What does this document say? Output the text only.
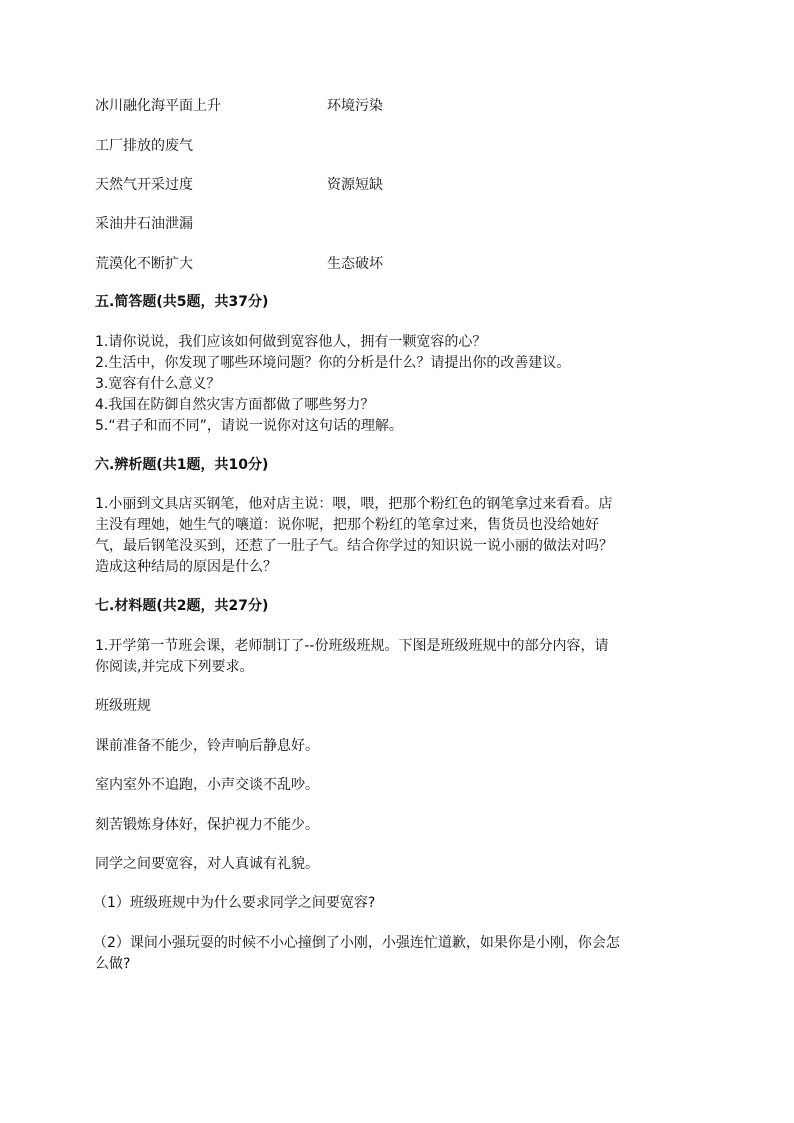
冰川融化海平面上升	环境污染
工厂排放的废气
天然气开采过度	资源短缺
采油井石油泄漏
荒漠化不断扩大	生态破坏
五.简答题(共5题，共37分)
1.请你说说，我们应该如何做到宽容他人，拥有一颗宽容的心？
2.生活中，你发现了哪些环境问题？你的分析是什么？请提出你的改善建议。
3.宽容有什么意义？
4.我国在防御自然灾害方面都做了哪些努力？
5.“君子和而不同”，请说一说你对这句话的理解。
六.辨析题(共1题，共10分)
1.小丽到文具店买钢笔，他对店主说：喂，喂，把那个粉红色的钢笔拿过来看看。店
主没有理她，她生气的嚷道：说你呢，把那个粉红的笔拿过来，售货员也没给她好
气，最后钢笔没买到，还惹了一肚子气。结合你学过的知识说一说小丽的做法对吗？
造成这种结局的原因是什么？
七.材料题(共2题，共27分)
1.开学第一节班会课，老师制订了--份班级班规。下图是班级班规中的部分内容，请
你阅读,并完成下列要求。
班级班规
课前准备不能少，铃声响后静息好。
室内室外不追跑，小声交谈不乱吵。
刻苦锻炼身体好，保护视力不能少。
同学之间要宽容，对人真诚有礼貌。
（1）班级班规中为什么要求同学之间要宽容?
（2）课间小强玩耍的时候不小心撞倒了小刚，小强连忙道歉，如果你是小刚，你会怎
么做?
